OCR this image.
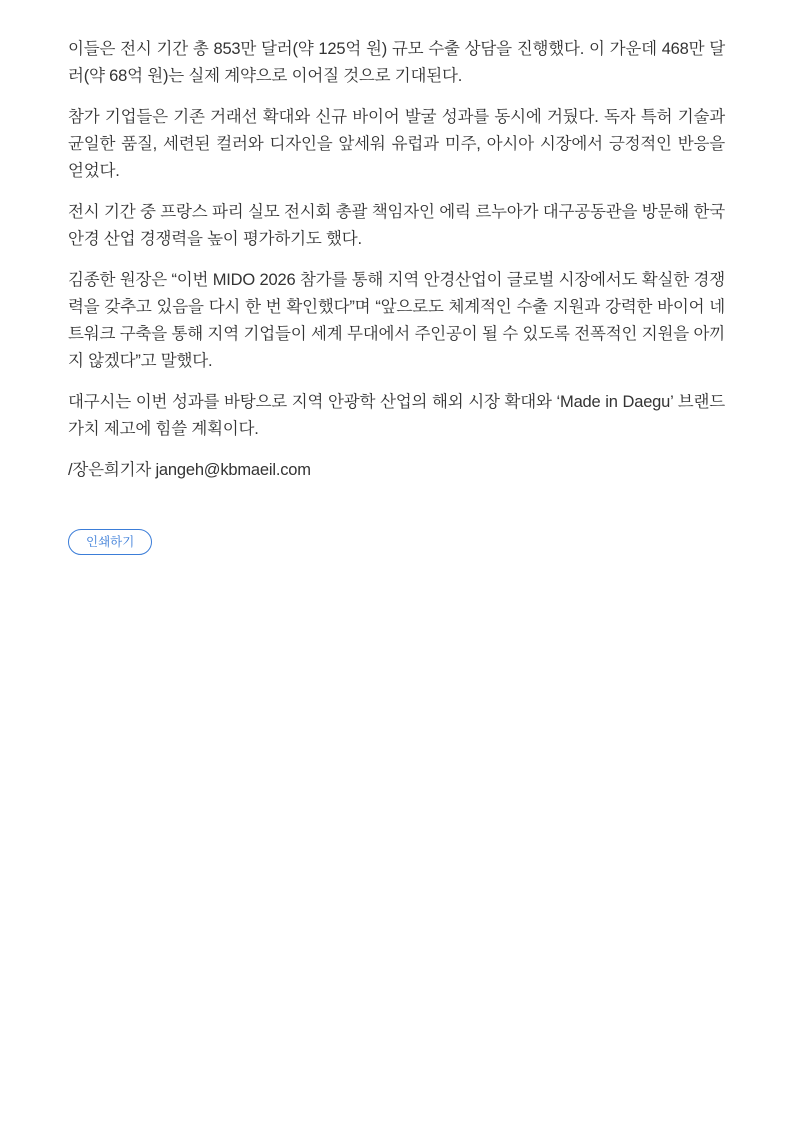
이들은 전시 기간 총 853만 달러(약 125억 원) 규모 수출 상담을 진행했다. 이 가운데 468만 달러(약 68억 원)는 실제 계약으로 이어질 것으로 기대된다.

참가 기업들은 기존 거래선 확대와 신규 바이어 발굴 성과를 동시에 거뒀다. 독자 특허 기술과 균일한 품질, 세련된 컬러와 디자인을 앞세워 유럽과 미주, 아시아 시장에서 긍정적인 반응을 얻었다.

전시 기간 중 프랑스 파리 실모 전시회 총괄 책임자인 에릭 르누아가 대구공동관을 방문해 한국 안경 산업 경쟁력을 높이 평가하기도 했다.

김종한 원장은 “이번 MIDO 2026 참가를 통해 지역 안경산업이 글로벌 시장에서도 확실한 경쟁력을 갖추고 있음을 다시 한 번 확인했다”며 “앞으로도 체계적인 수출 지원과 강력한 바이어 네트워크 구축을 통해 지역 기업들이 세계 무대에서 주인공이 될 수 있도록 전폭적인 지원을 아끼지 않겠다”고 말했다.

대구시는 이번 성과를 바탕으로 지역 안광학 산업의 해외 시장 확대와 ‘Made in Daegu’ 브랜드 가치 제고에 힘쓸 계획이다.

/장은희기자 jangeh@kbmaeil.com

인쇄하기
